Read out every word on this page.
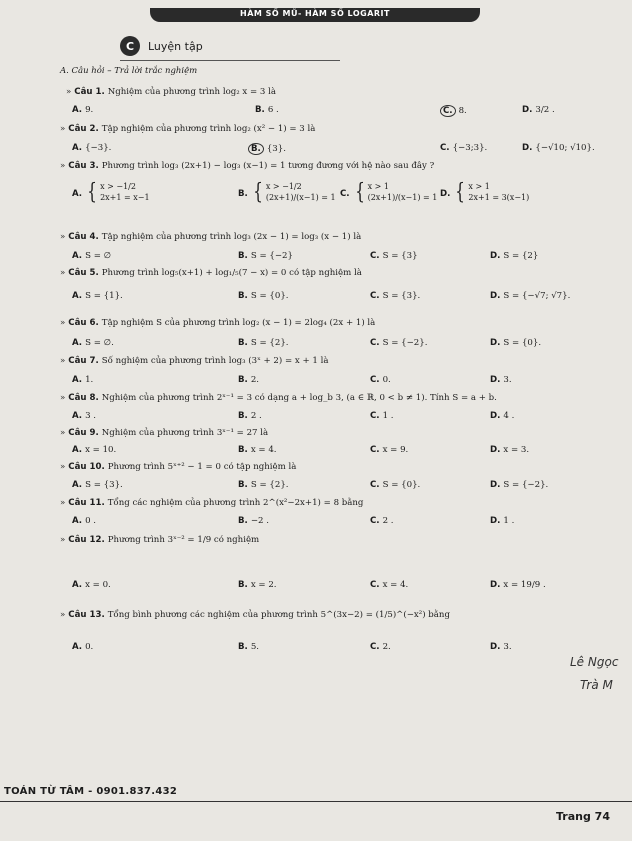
HÀM SỐ MŨ- HÀM SỐ LOGARIT
C	Luyện tập
A. Câu hỏi – Trả lời trắc nghiệm
» Câu 1. Nghiệm của phương trình log₂ x = 3 là
A. 9.	B. 6 .	C. 8.	D. 3/2 .
» Câu 2. Tập nghiệm của phương trình log₂ (x² − 1) = 3 là
A. {−3}.	B. {3}.	C. {−3;3}.	D. {−√10; √10}.
» Câu 3. Phương trình log₃ (2x+1) − log₃ (x−1) = 1 tương đương với hệ nào sau đây ?
A. { x > −1/2
2x+1 = x−1	B. { x > −1/2
(2x+1)/(x−1) = 1 C. { x > 1
(2x+1)/(x−1) = 1 D. { x > 1
2x+1 = 3(x−1)
» Câu 4. Tập nghiệm của phương trình log₃ (2x − 1) = log₃ (x − 1) là
A. S = ∅	B. S = {−2}	C. S = {3}	D. S = {2}
» Câu 5. Phương trình log₅(x+1) + log₁/₅(7 − x) = 0 có tập nghiệm là
A. S = {1}.	B. S = {0}.	C. S = {3}.	D. S = {−√7; √7}.
» Câu 6. Tập nghiệm S của phương trình log₂ (x − 1) = 2log₄ (2x + 1) là
A. S = ∅.	B. S = {2}.	C. S = {−2}.	D. S = {0}.
» Câu 7. Số nghiệm của phương trình log₃ (3ˣ + 2) = x + 1 là
A. 1.	B. 2.	C. 0.	D. 3.
» Câu 8. Nghiệm của phương trình 2ˣ⁻¹ = 3 có dạng a + log_b 3, (a ∈ ℝ, 0 < b ≠ 1). Tính S = a + b.
A. 3 .	B. 2 .	C. 1 .	D. 4 .
» Câu 9. Nghiệm của phương trình 3ˣ⁻¹ = 27 là
A. x = 10.	B. x = 4.	C. x = 9.	D. x = 3.
» Câu 10. Phương trình 5ˣ⁺² − 1 = 0 có tập nghiệm là
A. S = {3}.	B. S = {2}.	C. S = {0}.	D. S = {−2}.
» Câu 11. Tổng các nghiệm của phương trình 2^(x²−2x+1) = 8 bằng
A. 0 .	B. −2 .	C. 2 .	D. 1 .
» Câu 12. Phương trình 3ˣ⁻² = 1/9 có nghiệm
A. x = 0.	B. x = 2.	C. x = 4.	D. x = 19/9 .
» Câu 13. Tổng bình phương các nghiệm của phương trình 5^(3x−2) = (1/5)^(−x²) bằng
A. 0.	B. 5.	C. 2.	D. 3.
Lê Ngọc
Trà M
TOÁN TỪ TÂM - 0901.837.432
Trang 74
